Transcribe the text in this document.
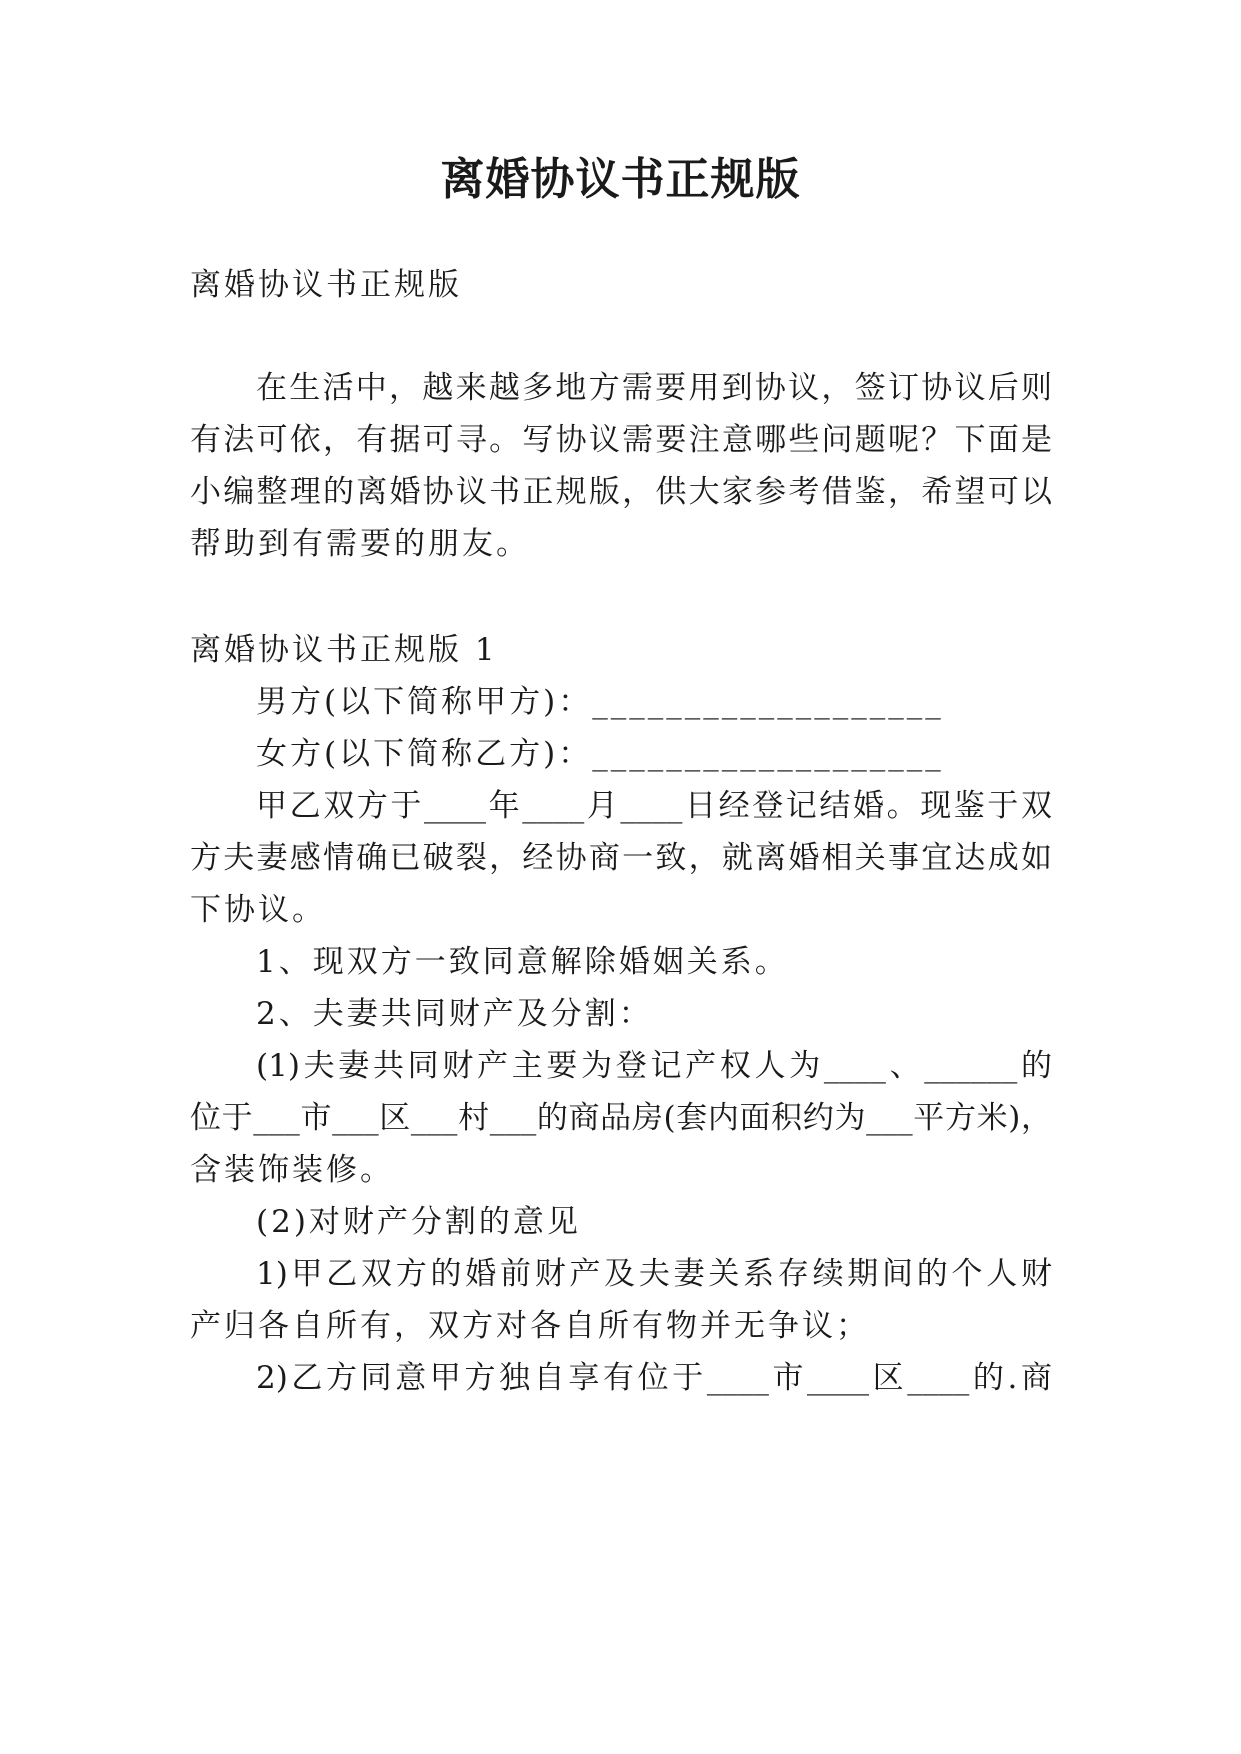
离婚协议书正规版

离婚协议书正规版

在生活中，越来越多地方需要用到协议，签订协议后则

有法可依，有据可寻。写协议需要注意哪些问题呢？下面是

小编整理的离婚协议书正规版，供大家参考借鉴，希望可以

帮助到有需要的朋友。

离婚协议书正规版 1

男方(以下简称甲方)：___________________

女方(以下简称乙方)：___________________

甲乙双方于____年____月____日经登记结婚。现鉴于双

方夫妻感情确已破裂，经协商一致，就离婚相关事宜达成如

下协议。

1、现双方一致同意解除婚姻关系。

2、夫妻共同财产及分割：

(1)夫妻共同财产主要为登记产权人为____、______的

位于___市___区___村___的商品房(套内面积约为___平方米)，

含装饰装修。

(2)对财产分割的意见

1)甲乙双方的婚前财产及夫妻关系存续期间的个人财

产归各自所有，双方对各自所有物并无争议；

2)乙方同意甲方独自享有位于____市____区____的.商
